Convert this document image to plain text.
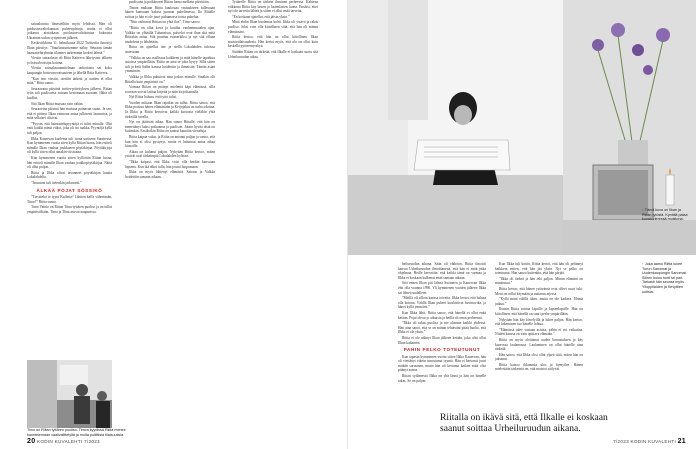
sairaalointia ilmestelltiin myös lehdissä. Hän oli puolustusvaliokunnan puheenjohtaja, mutta ei ollut jotkanut aiotaikaan puolustusvaliokuntaa kokousta Ukrainan sodan syttymisen jälkeen.

Keskiviikkona 11. helmikuuta 2022 Twitteriin ilmestyi Ilkan päivitys: ”Suurlausuntomme nähty. Seuraan tämän haastatteluryhmän tilanteet tarkemmin kerkeä lähetä.”

Viestin sairaalasta oli Ritta Kaiterva lähetysten jälkeen ja lisävalvoitsijat kotona.

Viestin sairaalasuunnitelman tarkoitusta sai koko kaupungin hoitovarovaisuuteen ja lähellä Ritta Kaiterva.

”Kun tein viestin, otettiin tärkeät ja tuoden ei ollut mitä.” Ritta sanoo.

Seuraavana päivänä twitter-päivityksen jälkeen, Rittan työn tuli puolisonsa sairaan kertomaan suoraan. Ilkka oli kuollut.

Sitä Ilkan Riitta muistaa vain vähän.

Seuraavina päivinä hän muistaa painavan suran. Ja sen, että ei pitänyt Ilkan vaimona antaa julkisesti lausuntoa, ja mitä sellaiset olisivat.

”Pyysin, että haastattelupyyntöjä ei tulisi minulle. Olin vaiti kaikki nämä viikot, joka oli iso taakka. Pyyntöjä kyllä tuli paljon.

Ilkka Kanervan kuolema tuli isona uutisena Suomessa. Kun kymmenen vuotta siten kyllä Riitan luona, hän esitteli minulle Ilkan vanhaa joukkueen pöytäkirjaa. Pöytäkirjoja oli kyllä sitten ollut ainakin viisisataa.

Kun kymmenen vuotta sitten kyllättiin Riitan luona, hän esitteli minulle Ilkan vanhaa joukkopöytäkirjaa. Näitä oli ollut paljon.

Riitta ja Ilkka olivat tavanneet pöytäkirjan kautta Lokalahdelta.

”Istuntoni tuli tietenkin jatkuvasti.”

ÄLKÄÄ POJAT SÖSSIKÖ

”Tiesittekö te tyyni Kaffetta? Lähtien kaffe vähemmän, Timo?” Riitta sanoo.

Timo Vainio on Riitan Tiina-tyttären puoliso ja on tullut ympäristöltään. Timo ja Tiina asuvat naapurissa.

Timo on Riitan tyttären puoliso. Timon kyydissä Riitta menee kauntelemaan vaalivalittelyitä ja muita poliittisia tilaisuuksia.

puolisona ja poikkeavat Riitan luona melkein päivittäin.

Timon mukaan Riitta kuulostaa vastaukseen tullessaan hänen kanssaan kahvia juoman puhelimessa. Ilo Riitalle soittaa ja hän ei ole juuri puhumassa toista puhelua.

”Niin vaihtavat Riittaa on yhtä iloa”, Timo sanoo.

”Riitta on ollut kova ja kuullut vanhemmuuden ajan. Valkka on ylhäällä Tuhansissa, palvelut ovat ihan sitä mitä Riittakin antaa. Sitä puuttuu esimerkiksi ja nyt sitä ollaan unohdetut ja lähdetään.

Riitta on ajatellut itse ja siellä Lokalahden taloissa asuessaan.

”Valkka on saa osallistua kaikkeen ja mitä hänelle tapahtuu asioissa ympärillään. Riitta on aina se joka kysyy. Sillä sitten tuli ja ketä Sallin kanssa hoidettiin ja ihmeisiin. Tämän asian ymmärrän.

Valkka ja Ilkka puhuivat aina joskus minulle. Sinäkin olit Riitalla kuin ympäristö on.”

Votmaa Riitan on pitänyt mielentä käpi elämässä, sillä rouvaan voivat laittaa kirjeitä ja näin kirjoittamalla.

Nyt Riitta haluaa, että tyttö tulisi.

Vuoden mittaan Ilkan rajatkin on tullut. Riitta sanoo, että Ilkka poistuu hänen elämästään ja Keijojakin on turha odottaa. Ja Ilkka ja Riitta kertoivat kaikki kuivasta vieläkin yhtä tärkeällä tavalla.

Nyt on jäätävää aikaa. Hän sanoo Riitalle, että hän on menettänyt kaksi poikaansa ja puolison. Jotain hyvää tästä on kuitenkin. Ensiksikin Riitta on saanut kauniita vierailuja.

Riitta kaipaa valoa, ja Riitta on antanut paljon ja sanoo, että kun hän ei olisi pystynyt, mutta ei halunnut antaa aikaa kiusoille.

Aikaa on kulunut paljon. Nykyään Riitta kertoo, miten ystävät ovat tärkeimpiä Lokalahden kylässä.

”Ilkka kaipasi, että Ilkka voisi olla heidän kanssaan lapsena. Kun ikä alkoi tulla, hän joutui luopumaan.

Ilkka on myös lähtenyt elämästä. Sairaus ja Valkka hoidettiin samaan aikaan.

Tyttärelle Riitta on tärkein ihminen perheessä. Kahtena viikkona Riitta käy lasten ja lastenlasten luona. Ensiksi, ettei nyt ole tarvetta lähteä ja sitten ei ollut enää tarvetta.

”En koskaan ajatellut, että jäisin yksin.”

Minä ehdin Ilkan kuolemaa kohti. Ilkka oli ystävä ja rakas puoliso. Siksi voin olla kiitollinen siitä, että hän oli minun elämässäni.

Riitta kertoo, että hän on ollut kiitollinen Ilkan muistotilaisuudesta. Hän kertoi myös, että olo on ollut kuin keskellä pyörremyrskyä.

Sittäkin Riitan on tärkeää, että Ilkalle ei koskaan suotu sitä Urheiluruudun aikaa.

20 KODIN KUVALEHTI 7/2023

heiluruudun aikana. Sään oli ehdoton. Riitta ilmoitti kanssa Urheiluruudun ilmoittaneita, että hän ei enää jatka ohjelmaa. Heille kerrottiin, että kaikki tämä on varmaa ja Ilkka ei koskaan kulkenut enää samaan aikaan.

Sitä ennen Ilkan piti lähteä Suomeen ja Kanervan Ilkka ehti olla vuonna 1990. Yli kymmenen vuoden jälkeen Ilkka sai lähteä uudelleen.

”Meillä oli silloin kanssa toiveita. Ilkka kertoi, että haluaa olla kotona. Välillä Ilkan puheet kuulostivat huvittavilta, ja hänet kyllä ymmärsi.”

Kun Ilkka lähti, Riitta sanoo, että hänellä ei ollut enää ketään. Pojat olivat jo aikuisia ja heillä oli omat perheensä.

”Ilkka oli rakas puoliso ja me olimme kaikki yhdessä. Hän aina sanoi, että se on minun tehtäväni pitää huolta, että Ilkka ei ole yksin.”

Riitta ei ole nähnyt Ilkan jälkeen ketään, joka olisi ollut Ilkan kaltainen.

PAHIN PELKO TOTEUTUNUT

Kun tapasin kymmenen vuotta sitten Ilkka Kanervan, hän oli viettänyt oikein innostunut tyyntä. Hän ei kertonut juuri mitään surustaan, mutta hän oli kertonut kaiken mitä olisi pitänyt sanoa.

Riitan sydämessä Ilkka on yhä läsnä ja hän on hänelle rakas. Se on paljon.

Kun Ilkka tuli kotiin, Riitta kertoi, että hän oli pelännyt kaikkein eniten, että hän jää yksin. Nyt se pelko on toteutunut. Hän sanoo kuitenkin, että hän pärjää.

”Ilkka oli tärkeä ja hän teki paljon. Minun elämäni on muuttunut.”

Riitta kertoo, että hänen ystävänsä ovat olleet suuri tuki. Moni on tullut käymään ja auttanut arjessa.

”Kyllä minä välillä itken, mutta en ole katkera. Elämä jatkuu.”

Iltaisin Riitta soittaa lapsille ja lapsenlapsille. Hän on kiitollinen, että hänellä on suuri perhe ympärillään.

Nykyään hän käy kävelyillä ja lukee paljon. Hän kertoo, että lukeminen tuo hänelle lohtua.

”Elämässä tulee vastaan asioita, joihin ei voi vaikuttaa. Niiden kanssa on vain opittava elämään.”

Riitta on myös aloittanut uuden harrastuksen ja käy kuorossa laulamassa. Laulaminen on ollut hänelle aina tärkeää.

Hän sanoo, että Ilkka olisi ollut ylpeä siitä, miten hän on jaksanut.

Riitta katsoo ikkunasta ulos ja hymyilee. Hänen mielestään tärkeintä on, että muistot säilyvät.

↑ Tämä kuva on Ilkan ja Riitan tytöstä. Kynttilä palaa kuvan vieressä muistona.
↑ Joka aamu Riitta lukee Turun Sanomat ja Uudenkaupungin Sanomat. Siihen kuluu tunti tai pari. Tarkasti hän seuraa myös Ylioppilaiden ja Kevyttien uutisia.
7/2023 KODIN KUVALEHTI 21
Riitalla on ikävä sitä, että Ilkalle ei koskaan saanut soittaa Urheiluruudun aikana.
